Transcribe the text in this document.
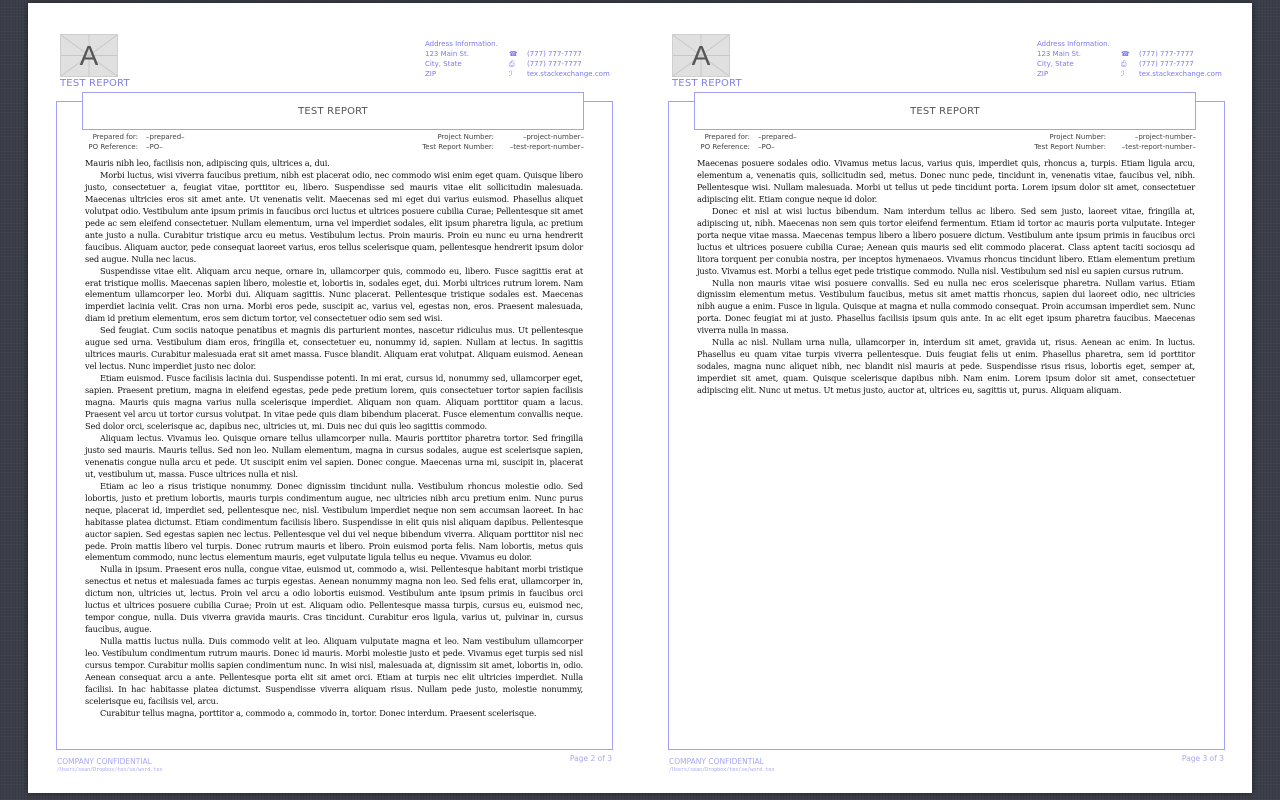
A
TEST REPORT
Address Information.
123 Main St.	☎	(777) 777-7777
City, State	⎙	(777) 777-7777
ZIP	ℐ	tex.stackexchange.com
TEST REPORT
Prepared for:	–prepared–
PO Reference:	–PO–
Project Number:	–project-number–
Test Report Number:	–test-report-number–

Mauris nibh leo, facilisis non, adipiscing quis, ultrices a, dui.

Morbi luctus, wisi viverra faucibus pretium, nibh est placerat odio, nec commodo wisi enim eget quam. Quisque libero justo, consectetuer a, feugiat vitae, porttitor eu, libero. Suspendisse sed mauris vitae elit sollicitudin malesuada. Maecenas ultricies eros sit amet ante. Ut venenatis velit. Maecenas sed mi eget dui varius euismod. Phasellus aliquet volutpat odio. Vestibulum ante ipsum primis in faucibus orci luctus et ultrices posuere cubilia Curae; Pellentesque sit amet pede ac sem eleifend consectetuer. Nullam elementum, urna vel imperdiet sodales, elit ipsum pharetra ligula, ac pretium ante justo a nulla. Curabitur tristique arcu eu metus. Vestibulum lectus. Proin mauris. Proin eu nunc eu urna hendrerit faucibus. Aliquam auctor, pede consequat laoreet varius, eros tellus scelerisque quam, pellentesque hendrerit ipsum dolor sed augue. Nulla nec lacus.

Suspendisse vitae elit. Aliquam arcu neque, ornare in, ullamcorper quis, commodo eu, libero. Fusce sagittis erat at erat tristique mollis. Maecenas sapien libero, molestie et, lobortis in, sodales eget, dui. Morbi ultrices rutrum lorem. Nam elementum ullamcorper leo. Morbi dui. Aliquam sagittis. Nunc placerat. Pellentesque tristique sodales est. Maecenas imperdiet lacinia velit. Cras non urna. Morbi eros pede, suscipit ac, varius vel, egestas non, eros. Praesent malesuada, diam id pretium elementum, eros sem dictum tortor, vel consectetuer odio sem sed wisi.

Sed feugiat. Cum sociis natoque penatibus et magnis dis parturient montes, nascetur ridiculus mus. Ut pellentesque augue sed urna. Vestibulum diam eros, fringilla et, consectetuer eu, nonummy id, sapien. Nullam at lectus. In sagittis ultrices mauris. Curabitur malesuada erat sit amet massa. Fusce blandit. Aliquam erat volutpat. Aliquam euismod. Aenean vel lectus. Nunc imperdiet justo nec dolor.

Etiam euismod. Fusce facilisis lacinia dui. Suspendisse potenti. In mi erat, cursus id, nonummy sed, ullamcorper eget, sapien. Praesent pretium, magna in eleifend egestas, pede pede pretium lorem, quis consectetuer tortor sapien facilisis magna. Mauris quis magna varius nulla scelerisque imperdiet. Aliquam non quam. Aliquam porttitor quam a lacus. Praesent vel arcu ut tortor cursus volutpat. In vitae pede quis diam bibendum placerat. Fusce elementum convallis neque. Sed dolor orci, scelerisque ac, dapibus nec, ultricies ut, mi. Duis nec dui quis leo sagittis commodo.

Aliquam lectus. Vivamus leo. Quisque ornare tellus ullamcorper nulla. Mauris porttitor pharetra tortor. Sed fringilla justo sed mauris. Mauris tellus. Sed non leo. Nullam elementum, magna in cursus sodales, augue est scelerisque sapien, venenatis congue nulla arcu et pede. Ut suscipit enim vel sapien. Donec congue. Maecenas urna mi, suscipit in, placerat ut, vestibulum ut, massa. Fusce ultrices nulla et nisl.

Etiam ac leo a risus tristique nonummy. Donec dignissim tincidunt nulla. Vestibulum rhoncus molestie odio. Sed lobortis, justo et pretium lobortis, mauris turpis condimentum augue, nec ultricies nibh arcu pretium enim. Nunc purus neque, placerat id, imperdiet sed, pellentesque nec, nisl. Vestibulum imperdiet neque non sem accumsan laoreet. In hac habitasse platea dictumst. Etiam condimentum facilisis libero. Suspendisse in elit quis nisl aliquam dapibus. Pellentesque auctor sapien. Sed egestas sapien nec lectus. Pellentesque vel dui vel neque bibendum viverra. Aliquam porttitor nisl nec pede. Proin mattis libero vel turpis. Donec rutrum mauris et libero. Proin euismod porta felis. Nam lobortis, metus quis elementum commodo, nunc lectus elementum mauris, eget vulputate ligula tellus eu neque. Vivamus eu dolor.

Nulla in ipsum. Praesent eros nulla, congue vitae, euismod ut, commodo a, wisi. Pellentesque habitant morbi tristique senectus et netus et malesuada fames ac turpis egestas. Aenean nonummy magna non leo. Sed felis erat, ullamcorper in, dictum non, ultricies ut, lectus. Proin vel arcu a odio lobortis euismod. Vestibulum ante ipsum primis in faucibus orci luctus et ultrices posuere cubilia Curae; Proin ut est. Aliquam odio. Pellentesque massa turpis, cursus eu, euismod nec, tempor congue, nulla. Duis viverra gravida mauris. Cras tincidunt. Curabitur eros ligula, varius ut, pulvinar in, cursus faucibus, augue.

Nulla mattis luctus nulla. Duis commodo velit at leo. Aliquam vulputate magna et leo. Nam vestibulum ullamcorper leo. Vestibulum condimentum rutrum mauris. Donec id mauris. Morbi molestie justo et pede. Vivamus eget turpis sed nisl cursus tempor. Curabitur mollis sapien condimentum nunc. In wisi nisl, malesuada at, dignissim sit amet, lobortis in, odio. Aenean consequat arcu a ante. Pellentesque porta elit sit amet orci. Etiam at turpis nec elit ultricies imperdiet. Nulla facilisi. In hac habitasse platea dictumst. Suspendisse viverra aliquam risus. Nullam pede justo, molestie nonummy, scelerisque eu, facilisis vel, arcu.

Curabitur tellus magna, porttitor a, commodo a, commodo in, tortor. Donec interdum. Praesent scelerisque.

COMPANY CONFIDENTIAL
/Users/sean/Dropbox/tex/se/word.tex
Page 2 of 3
A
TEST REPORT
Address Information.
123 Main St.	☎	(777) 777-7777
City, State	⎙	(777) 777-7777
ZIP	ℐ	tex.stackexchange.com
TEST REPORT
Prepared for:	–prepared–
PO Reference:	–PO–
Project Number:	–project-number–
Test Report Number:	–test-report-number–

Maecenas posuere sodales odio. Vivamus metus lacus, varius quis, imperdiet quis, rhoncus a, turpis. Etiam ligula arcu, elementum a, venenatis quis, sollicitudin sed, metus. Donec nunc pede, tincidunt in, venenatis vitae, faucibus vel, nibh. Pellentesque wisi. Nullam malesuada. Morbi ut tellus ut pede tincidunt porta. Lorem ipsum dolor sit amet, consectetuer adipiscing elit. Etiam congue neque id dolor.

Donec et nisl at wisi luctus bibendum. Nam interdum tellus ac libero. Sed sem justo, laoreet vitae, fringilla at, adipiscing ut, nibh. Maecenas non sem quis tortor eleifend fermentum. Etiam id tortor ac mauris porta vulputate. Integer porta neque vitae massa. Maecenas tempus libero a libero posuere dictum. Vestibulum ante ipsum primis in faucibus orci luctus et ultrices posuere cubilia Curae; Aenean quis mauris sed elit commodo placerat. Class aptent taciti sociosqu ad litora torquent per conubia nostra, per inceptos hymenaeos. Vivamus rhoncus tincidunt libero. Etiam elementum pretium justo. Vivamus est. Morbi a tellus eget pede tristique commodo. Nulla nisl. Vestibulum sed nisl eu sapien cursus rutrum.

Nulla non mauris vitae wisi posuere convallis. Sed eu nulla nec eros scelerisque pharetra. Nullam varius. Etiam dignissim elementum metus. Vestibulum faucibus, metus sit amet mattis rhoncus, sapien dui laoreet odio, nec ultricies nibh augue a enim. Fusce in ligula. Quisque at magna et nulla commodo consequat. Proin accumsan imperdiet sem. Nunc porta. Donec feugiat mi at justo. Phasellus facilisis ipsum quis ante. In ac elit eget ipsum pharetra faucibus. Maecenas viverra nulla in massa.

Nulla ac nisl. Nullam urna nulla, ullamcorper in, interdum sit amet, gravida ut, risus. Aenean ac enim. In luctus. Phasellus eu quam vitae turpis viverra pellentesque. Duis feugiat felis ut enim. Phasellus pharetra, sem id porttitor sodales, magna nunc aliquet nibh, nec blandit nisl mauris at pede. Suspendisse risus risus, lobortis eget, semper at, imperdiet sit amet, quam. Quisque scelerisque dapibus nibh. Nam enim. Lorem ipsum dolor sit amet, consectetuer adipiscing elit. Nunc ut metus. Ut metus justo, auctor at, ultrices eu, sagittis ut, purus. Aliquam aliquam.

COMPANY CONFIDENTIAL
/Users/sean/Dropbox/tex/se/word.tex
Page 3 of 3
